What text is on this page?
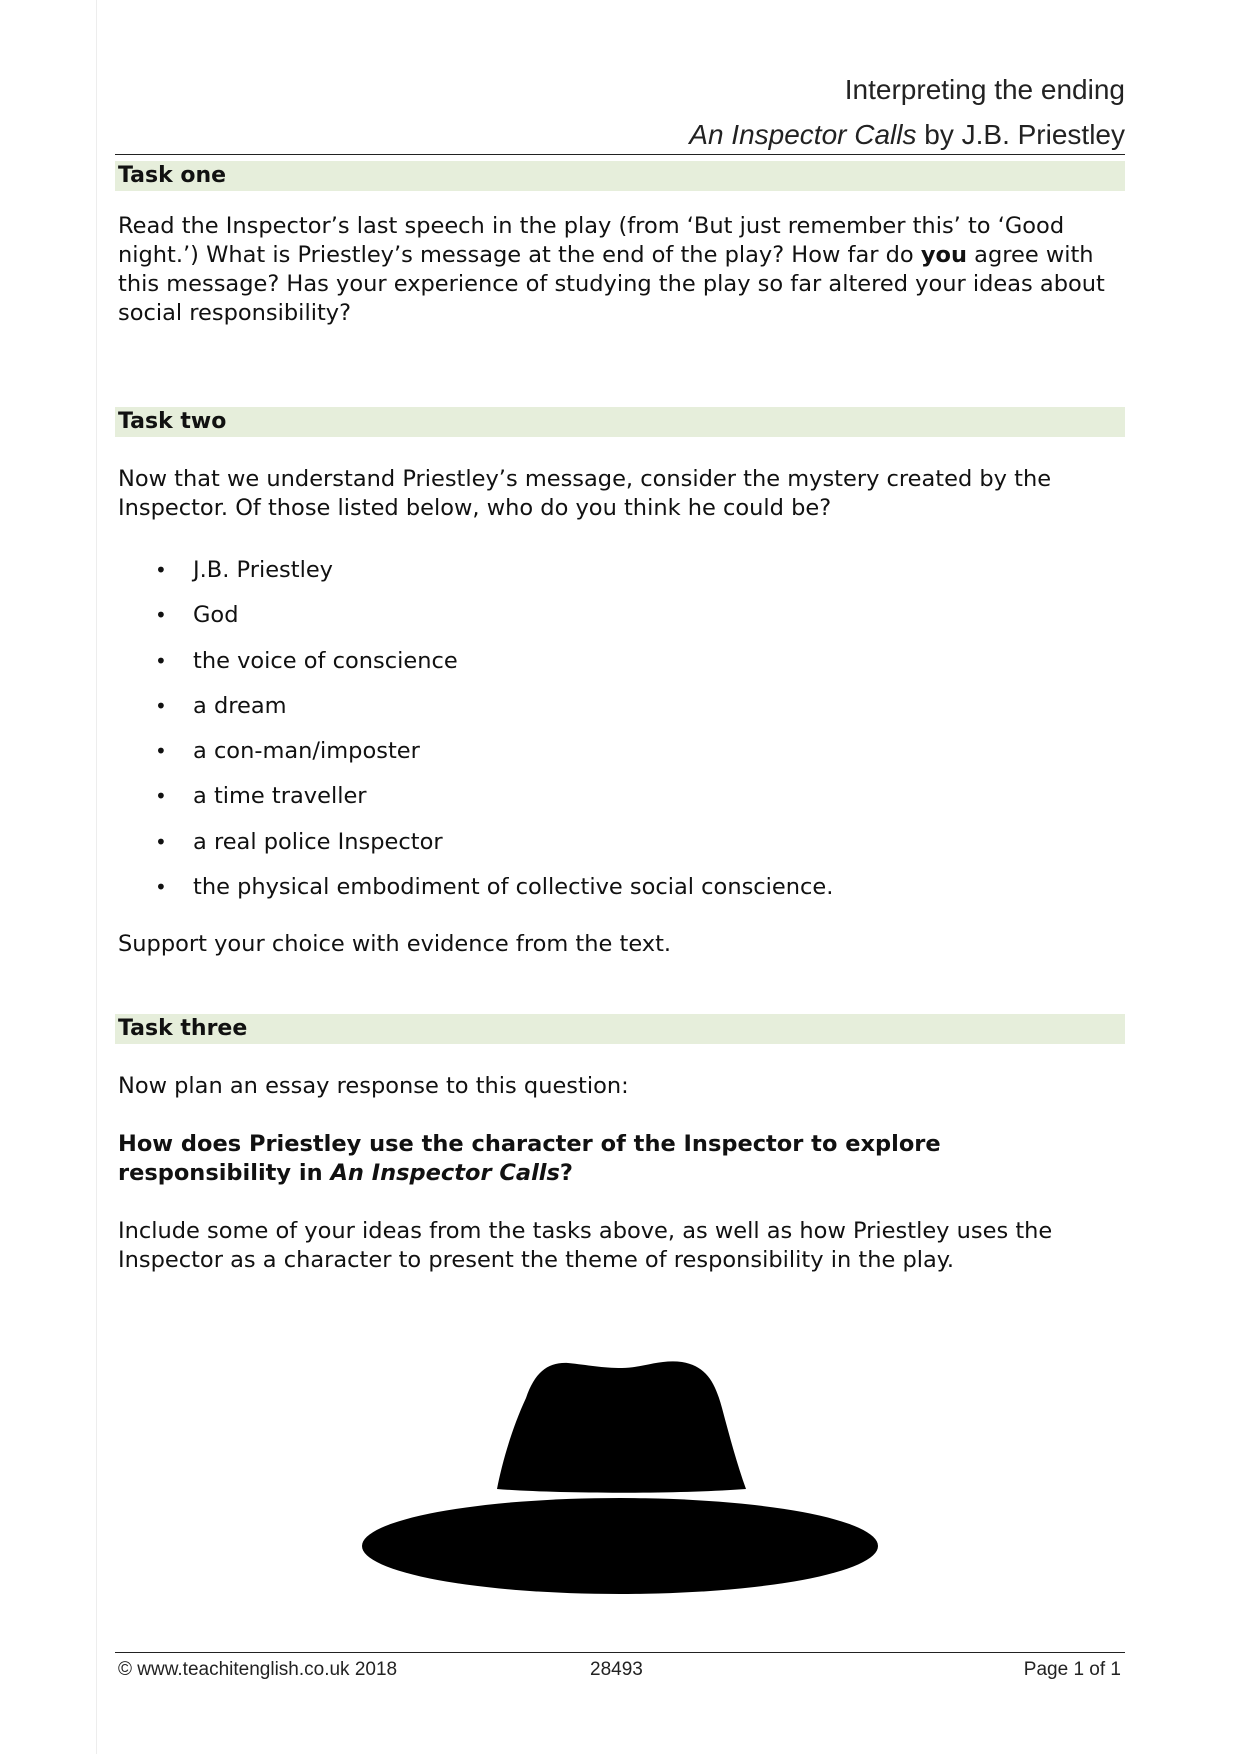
Interpreting the ending
An Inspector Calls by J.B. Priestley
Task one

Read the Inspector’s last speech in the play (from ‘But just remember this’ to ‘Good night.’) What is Priestley’s message at the end of the play? How far do you agree with this message? Has your experience of studying the play so far altered your ideas about social responsibility?

Task two

Now that we understand Priestley’s message, consider the mystery created by the Inspector. Of those listed below, who do you think he could be?

• J.B. Priestley
• God
• the voice of conscience
• a dream
• a con-man/imposter
• a time traveller
• a real police Inspector
• the physical embodiment of collective social conscience.

Support your choice with evidence from the text.

Task three

Now plan an essay response to this question:

How does Priestley use the character of the Inspector to explore responsibility in An Inspector Calls?

Include some of your ideas from the tasks above, as well as how Priestley uses the Inspector as a character to present the theme of responsibility in the play.

© www.teachitenglish.co.uk 2018	28493	Page 1 of 1
